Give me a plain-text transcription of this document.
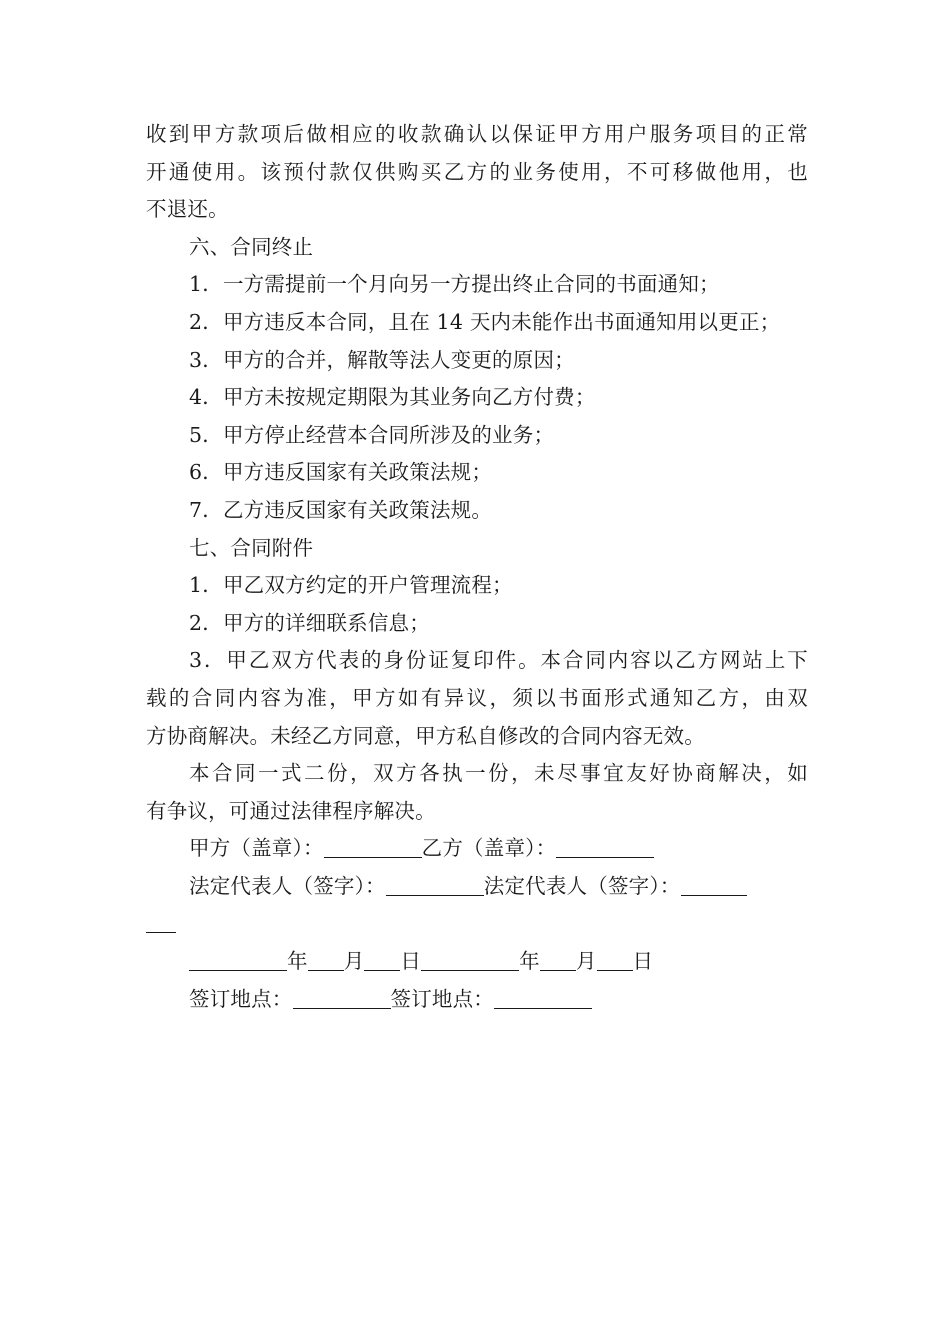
收到甲方款项后做相应的收款确认以保证甲方用户服务项目的正常
开通使用。该预付款仅供购买乙方的业务使用，不可移做他用，也
不退还。
六、合同终止
1．一方需提前一个月向另一方提出终止合同的书面通知；
2．甲方违反本合同，且在 14 天内未能作出书面通知用以更正；
3．甲方的合并，解散等法人变更的原因；
4．甲方未按规定期限为其业务向乙方付费；
5．甲方停止经营本合同所涉及的业务；
6．甲方违反国家有关政策法规；
7．乙方违反国家有关政策法规。
七、合同附件
1．甲乙双方约定的开户管理流程；
2．甲方的详细联系信息；
3．甲乙双方代表的身份证复印件。本合同内容以乙方网站上下
载的合同内容为准，甲方如有异议，须以书面形式通知乙方，由双
方协商解决。未经乙方同意，甲方私自修改的合同内容无效。
本合同一式二份，双方各执一份，未尽事宜友好协商解决，如
有争议，可通过法律程序解决。
甲方（盖章）：	乙方（盖章）：
法定代表人（签字）：	法定代表人（签字）：
年 月 日	年 月 日
签订地点：	签订地点：
